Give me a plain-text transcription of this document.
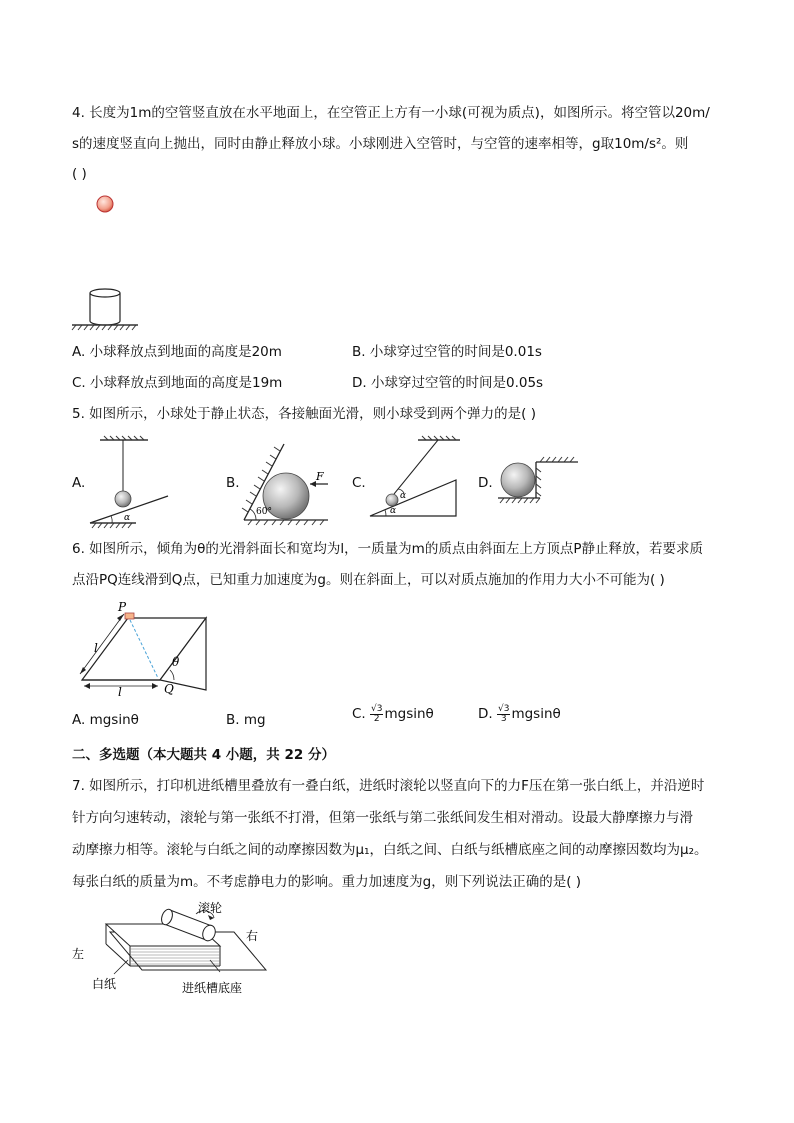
4. 长度为1m的空管竖直放在水平地面上，在空管正上方有一小球(可视为质点)，如图所示。将空管以20m/
s的速度竖直向上抛出，同时由静止释放小球。小球刚进入空管时，与空管的速率相等，g取10m/s²。则
( )
A. 小球释放点到地面的高度是20m	B. 小球穿过空管的时间是0.01s
C. 小球释放点到地面的高度是19m	D. 小球穿过空管的时间是0.05s
5. 如图所示，小球处于静止状态，各接触面光滑，则小球受到两个弹力的是( )
A.	B.	C.	D.
α
F
60°
α
α
6. 如图所示，倾角为θ的光滑斜面长和宽均为l，一质量为m的质点由斜面左上方顶点P静止释放，若要求质
点沿PQ连线滑到Q点，已知重力加速度为g。则在斜面上，可以对质点施加的作用力大小不可能为( )
P
Q
θ
l
l
A. mgsinθ	B. mg	C. $\frac{√3}{2}$ mgsinθ	D. $\frac{√3}{3}$ mgsinθ
二、多选题（本大题共 4 小题，共 22 分）
7. 如图所示，打印机进纸槽里叠放有一叠白纸，进纸时滚轮以竖直向下的力F压在第一张白纸上，并沿逆时
针方向匀速转动，滚轮与第一张纸不打滑，但第一张纸与第二张纸间发生相对滑动。设最大静摩擦力与滑
动摩擦力相等。滚轮与白纸之间的动摩擦因数为μ₁，白纸之间、白纸与纸槽底座之间的动摩擦因数均为μ₂。
每张白纸的质量为m。不考虑静电力的影响。重力加速度为g，则下列说法正确的是( )
滚轮
右
左
白纸	进纸槽底座
